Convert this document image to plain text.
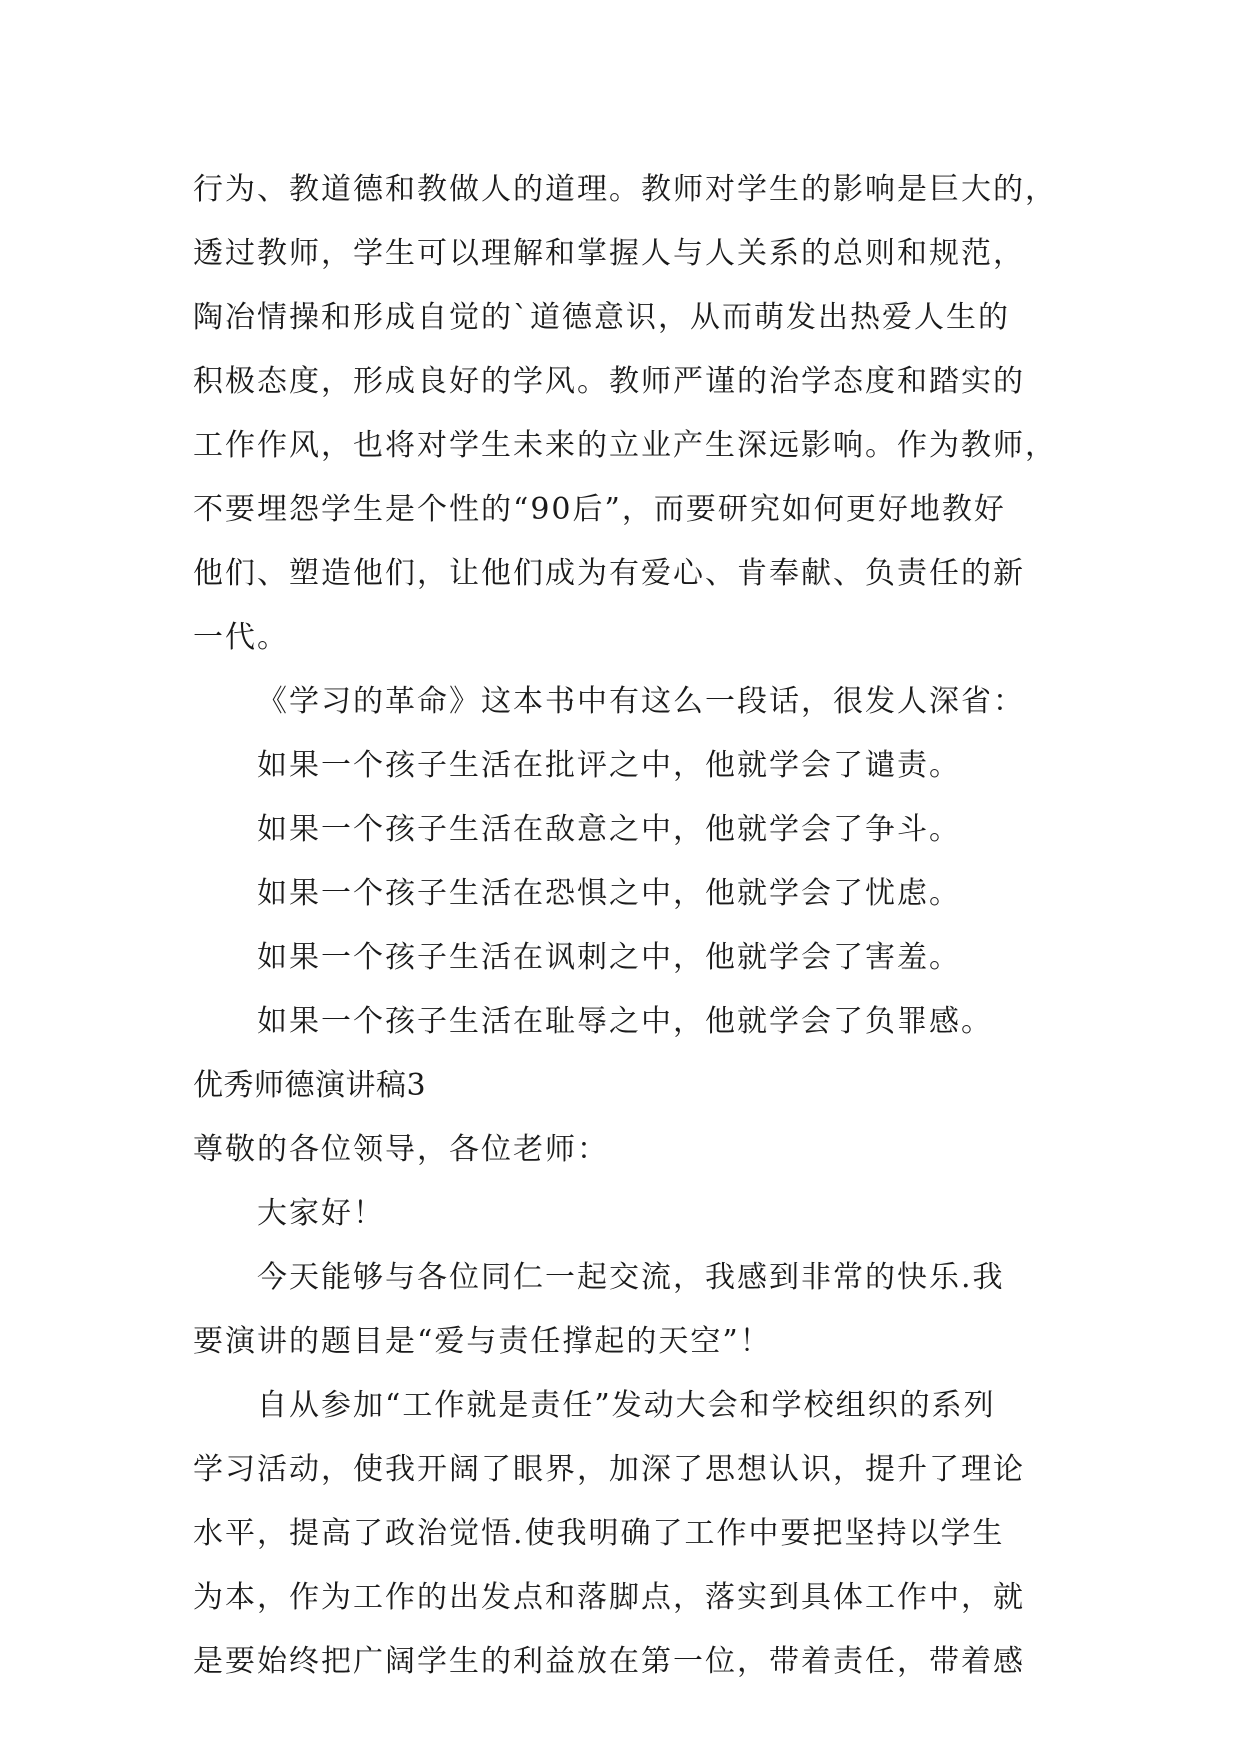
行为、教道德和教做人的道理。教师对学生的影响是巨大的，
透过教师，学生可以理解和掌握人与人关系的总则和规范，
陶冶情操和形成自觉的`道德意识，从而萌发出热爱人生的
积极态度，形成良好的学风。教师严谨的治学态度和踏实的
工作作风，也将对学生未来的立业产生深远影响。作为教师，
不要埋怨学生是个性的“90后”，而要研究如何更好地教好
他们、塑造他们，让他们成为有爱心、肯奉献、负责任的新
一代。
《学习的革命》这本书中有这么一段话，很发人深省：
如果一个孩子生活在批评之中，他就学会了谴责。
如果一个孩子生活在敌意之中，他就学会了争斗。
如果一个孩子生活在恐惧之中，他就学会了忧虑。
如果一个孩子生活在讽刺之中，他就学会了害羞。
如果一个孩子生活在耻辱之中，他就学会了负罪感。
优秀师德演讲稿3
尊敬的各位领导，各位老师：
大家好！
今天能够与各位同仁一起交流，我感到非常的快乐.我
要演讲的题目是“爱与责任撑起的天空”！
自从参加“工作就是责任”发动大会和学校组织的系列
学习活动，使我开阔了眼界，加深了思想认识，提升了理论
水平，提高了政治觉悟.使我明确了工作中要把坚持以学生
为本，作为工作的出发点和落脚点，落实到具体工作中，就
是要始终把广阔学生的利益放在第一位，带着责任，带着感
